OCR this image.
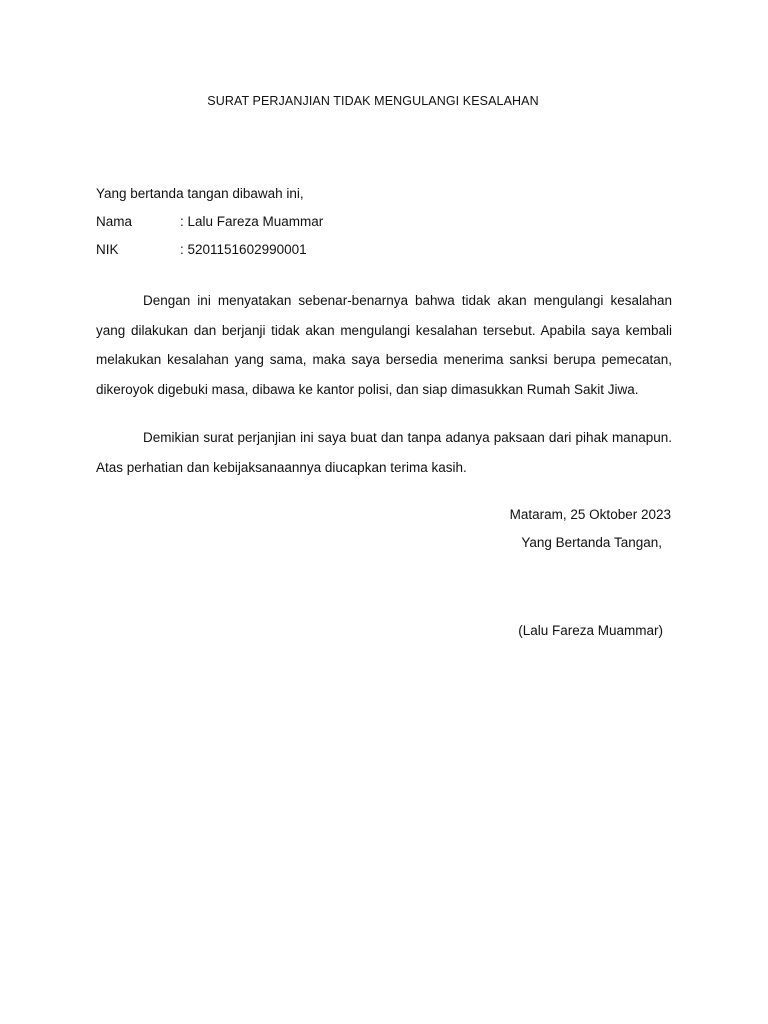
SURAT PERJANJIAN TIDAK MENGULANGI KESALAHAN
Yang bertanda tangan dibawah ini,
Nama	: Lalu Fareza Muammar
NIK	: 5201151602990001

Dengan ini menyatakan sebenar-benarnya bahwa tidak akan mengulangi kesalahan yang dilakukan dan berjanji tidak akan mengulangi kesalahan tersebut. Apabila saya kembali melakukan kesalahan yang sama, maka saya bersedia menerima sanksi berupa pemecatan, dikeroyok digebuki masa, dibawa ke kantor polisi, dan siap dimasukkan Rumah Sakit Jiwa.

Demikian surat perjanjian ini saya buat dan tanpa adanya paksaan dari pihak manapun. Atas perhatian dan kebijaksanaannya diucapkan terima kasih.

Mataram, 25 Oktober 2023
Yang Bertanda Tangan,
(Lalu Fareza Muammar)
